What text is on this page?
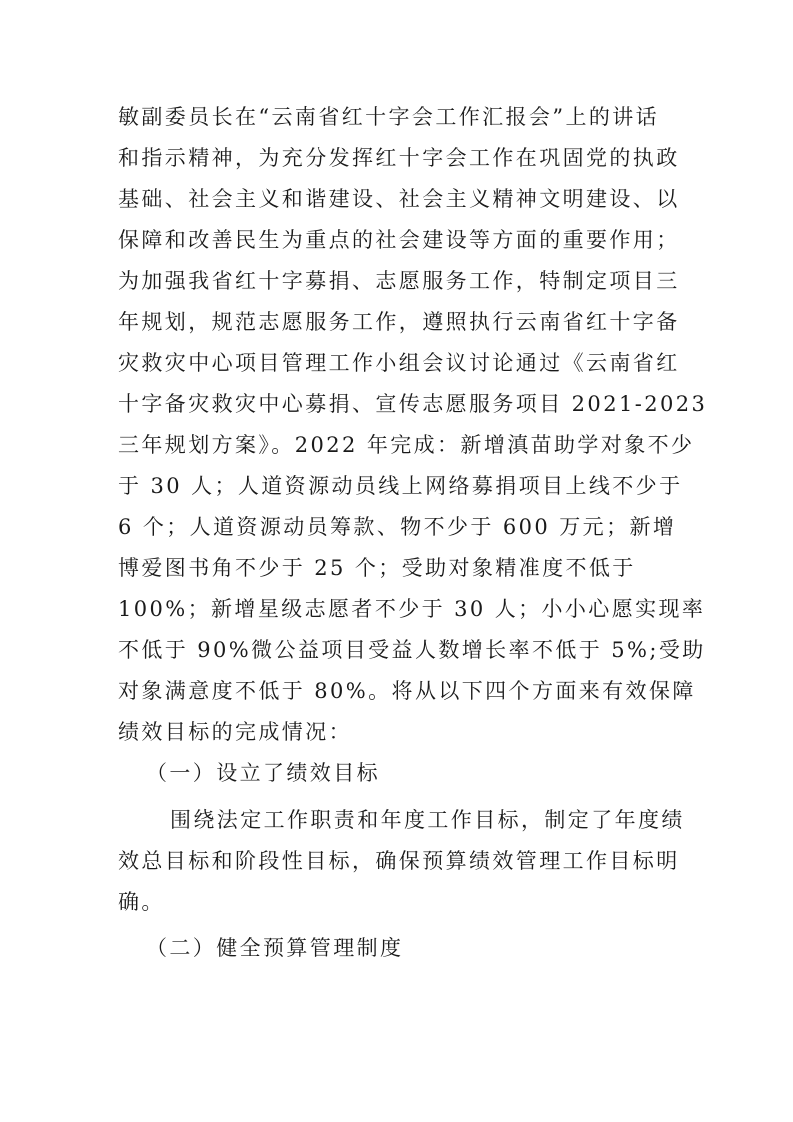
敏副委员长在“云南省红十字会工作汇报会”上的讲话
和指示精神，为充分发挥红十字会工作在巩固党的执政
基础、社会主义和谐建设、社会主义精神文明建设、以
保障和改善民生为重点的社会建设等方面的重要作用；
为加强我省红十字募捐、志愿服务工作，特制定项目三
年规划，规范志愿服务工作，遵照执行云南省红十字备
灾救灾中心项目管理工作小组会议讨论通过《云南省红
十字备灾救灾中心募捐、宣传志愿服务项目 2021-2023
三年规划方案》。2022 年完成：新增滇苗助学对象不少
于 30 人；人道资源动员线上网络募捐项目上线不少于
6 个；人道资源动员筹款、物不少于 600 万元；新增
博爱图书角不少于 25 个；受助对象精准度不低于
100%；新增星级志愿者不少于 30 人；小小心愿实现率
不低于 90%微公益项目受益人数增长率不低于 5%;受助
对象满意度不低于 80%。将从以下四个方面来有效保障
绩效目标的完成情况：
（一）设立了绩效目标
围绕法定工作职责和年度工作目标，制定了年度绩
效总目标和阶段性目标，确保预算绩效管理工作目标明
确。
（二）健全预算管理制度
